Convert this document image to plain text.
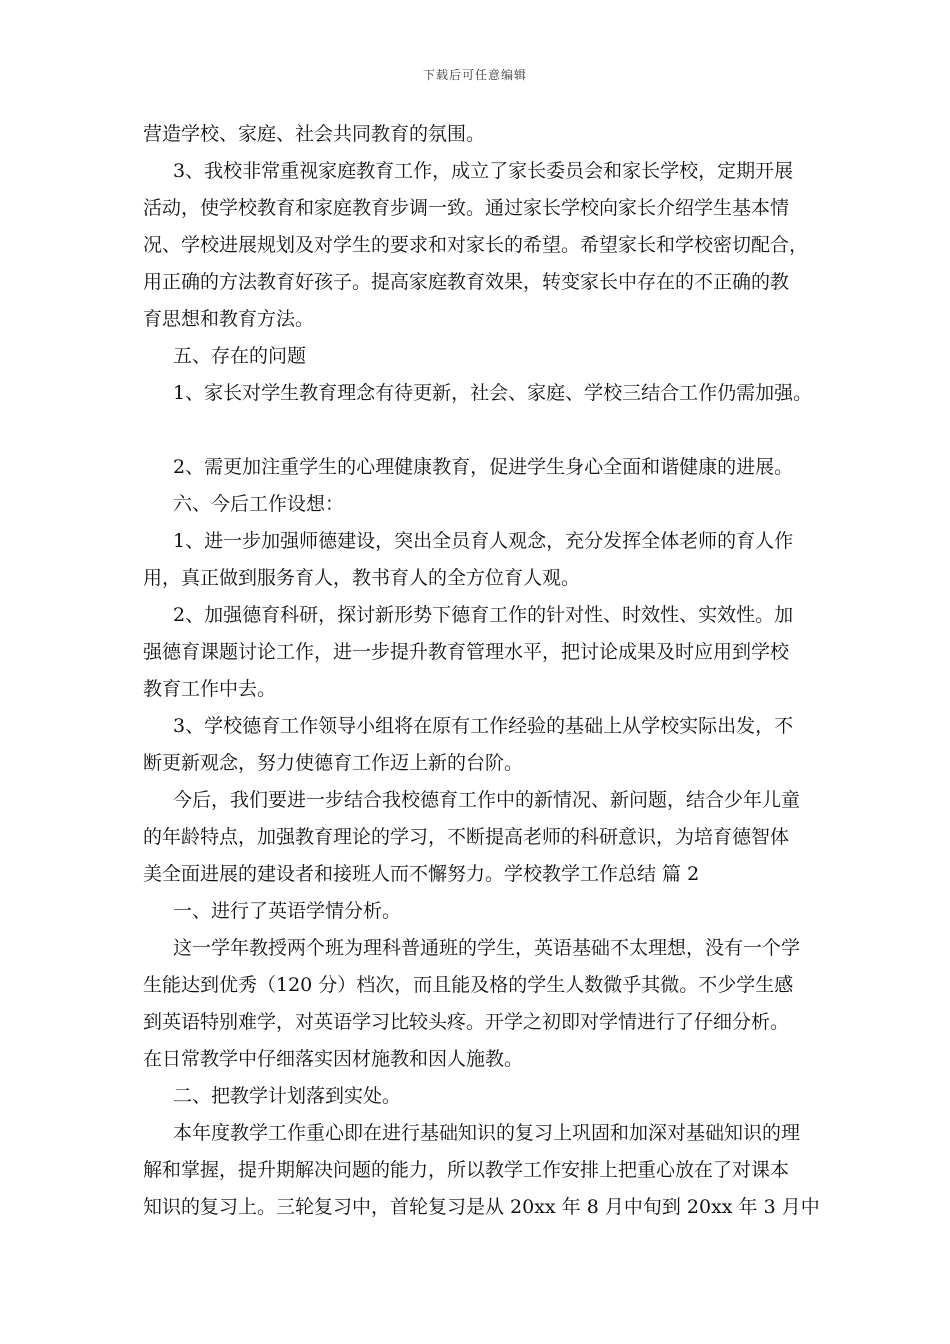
下载后可任意编辑
营造学校、家庭、社会共同教育的氛围。
3、我校非常重视家庭教育工作，成立了家长委员会和家长学校，定期开展
活动，使学校教育和家庭教育步调一致。通过家长学校向家长介绍学生基本情
况、学校进展规划及对学生的要求和对家长的希望。希望家长和学校密切配合，
用正确的方法教育好孩子。提高家庭教育效果，转变家长中存在的不正确的教
育思想和教育方法。
五、存在的问题
1、家长对学生教育理念有待更新，社会、家庭、学校三结合工作仍需加强。
2、需更加注重学生的心理健康教育，促进学生身心全面和谐健康的进展。
六、今后工作设想：
1、进一步加强师德建设，突出全员育人观念，充分发挥全体老师的育人作
用，真正做到服务育人，教书育人的全方位育人观。
2、加强德育科研，探讨新形势下德育工作的针对性、时效性、实效性。加
强德育课题讨论工作，进一步提升教育管理水平，把讨论成果及时应用到学校
教育工作中去。
3、学校德育工作领导小组将在原有工作经验的基础上从学校实际出发，不
断更新观念，努力使德育工作迈上新的台阶。
今后，我们要进一步结合我校德育工作中的新情况、新问题，结合少年儿童
的年龄特点，加强教育理论的学习，不断提高老师的科研意识，为培育德智体
美全面进展的建设者和接班人而不懈努力。学校教学工作总结 篇 2
一、进行了英语学情分析。
这一学年教授两个班为理科普通班的学生，英语基础不太理想，没有一个学
生能达到优秀（120 分）档次，而且能及格的学生人数微乎其微。不少学生感
到英语特别难学，对英语学习比较头疼。开学之初即对学情进行了仔细分析。
在日常教学中仔细落实因材施教和因人施教。
二、把教学计划落到实处。
本年度教学工作重心即在进行基础知识的复习上巩固和加深对基础知识的理
解和掌握，提升期解决问题的能力，所以教学工作安排上把重心放在了对课本
知识的复习上。三轮复习中，首轮复习是从 20xx 年 8 月中旬到 20xx 年 3 月中
